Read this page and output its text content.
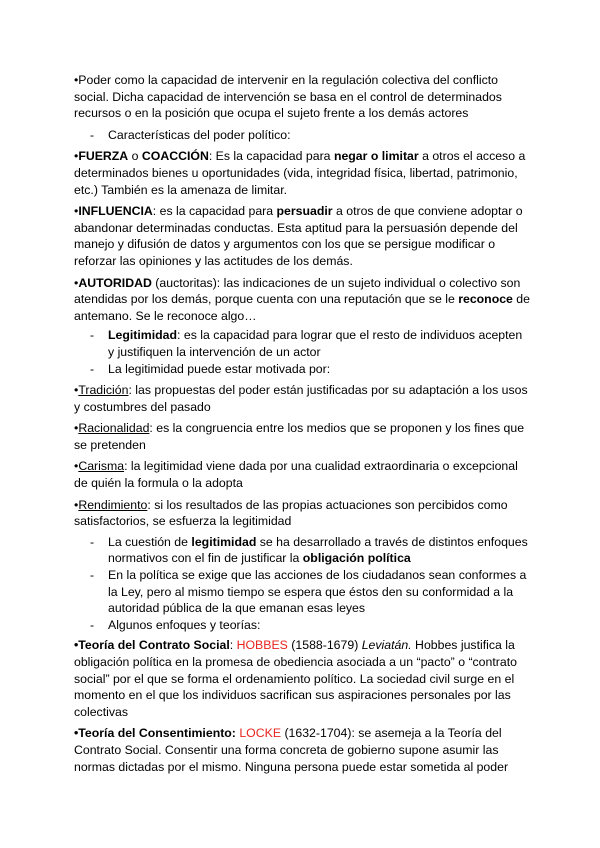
•Poder como la capacidad de intervenir en la regulación colectiva del conflicto social. Dicha capacidad de intervención se basa en el control de determinados recursos o en la posición que ocupa el sujeto frente a los demás actores

- Características del poder político:

•FUERZA o COACCIÓN: Es la capacidad para negar o limitar a otros el acceso a determinados bienes u oportunidades (vida, integridad física, libertad, patrimonio, etc.) También es la amenaza de limitar.

•INFLUENCIA: es la capacidad para persuadir a otros de que conviene adoptar o abandonar determinadas conductas. Esta aptitud para la persuasión depende del manejo y difusión de datos y argumentos con los que se persigue modificar o reforzar las opiniones y las actitudes de los demás.

•AUTORIDAD (auctoritas): las indicaciones de un sujeto individual o colectivo son atendidas por los demás, porque cuenta con una reputación que se le reconoce de antemano. Se le reconoce algo…

- Legitimidad: es la capacidad para lograr que el resto de individuos acepten y justifiquen la intervención de un actor
- La legitimidad puede estar motivada por:

•Tradición: las propuestas del poder están justificadas por su adaptación a los usos y costumbres del pasado

•Racionalidad: es la congruencia entre los medios que se proponen y los fines que se pretenden

•Carisma: la legitimidad viene dada por una cualidad extraordinaria o excepcional de quién la formula o la adopta

•Rendimiento: si los resultados de las propias actuaciones son percibidos como satisfactorios, se esfuerza la legitimidad

- La cuestión de legitimidad se ha desarrollado a través de distintos enfoques normativos con el fin de justificar la obligación política
- En la política se exige que las acciones de los ciudadanos sean conformes a la Ley, pero al mismo tiempo se espera que éstos den su conformidad a la autoridad pública de la que emanan esas leyes
- Algunos enfoques y teorías:

•Teoría del Contrato Social: HOBBES (1588-1679) Leviatán. Hobbes justifica la obligación política en la promesa de obediencia asociada a un “pacto” o “contrato social” por el que se forma el ordenamiento político. La sociedad civil surge en el momento en el que los individuos sacrifican sus aspiraciones personales por las colectivas

•Teoría del Consentimiento: LOCKE (1632-1704): se asemeja a la Teoría del Contrato Social. Consentir una forma concreta de gobierno supone asumir las normas dictadas por el mismo. Ninguna persona puede estar sometida al poder
